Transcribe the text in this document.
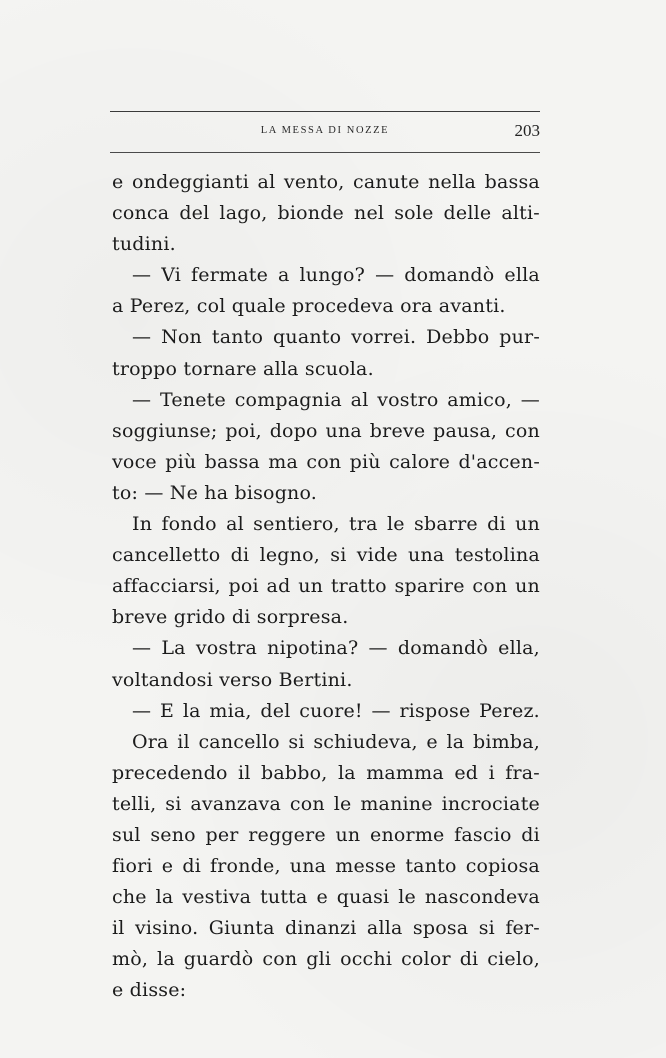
LA MESSA DI NOZZE	203
e ondeggianti al vento, canute nella bassa
conca del lago, bionde nel sole delle alti-
tudini.
— Vi fermate a lungo? — domandò ella
a Perez, col quale procedeva ora avanti.
— Non tanto quanto vorrei. Debbo pur-
troppo tornare alla scuola.
— Tenete compagnia al vostro amico, —
soggiunse; poi, dopo una breve pausa, con
voce più bassa ma con più calore d'accen-
to: — Ne ha bisogno.
In fondo al sentiero, tra le sbarre di un
cancelletto di legno, si vide una testolina
affacciarsi, poi ad un tratto sparire con un
breve grido di sorpresa.
— La vostra nipotina? — domandò ella,
voltandosi verso Bertini.
— E la mia, del cuore! — rispose Perez.
Ora il cancello si schiudeva, e la bimba,
precedendo il babbo, la mamma ed i fra-
telli, si avanzava con le manine incrociate
sul seno per reggere un enorme fascio di
fiori e di fronde, una messe tanto copiosa
che la vestiva tutta e quasi le nascondeva
il visino. Giunta dinanzi alla sposa si fer-
mò, la guardò con gli occhi color di cielo,
e disse:
